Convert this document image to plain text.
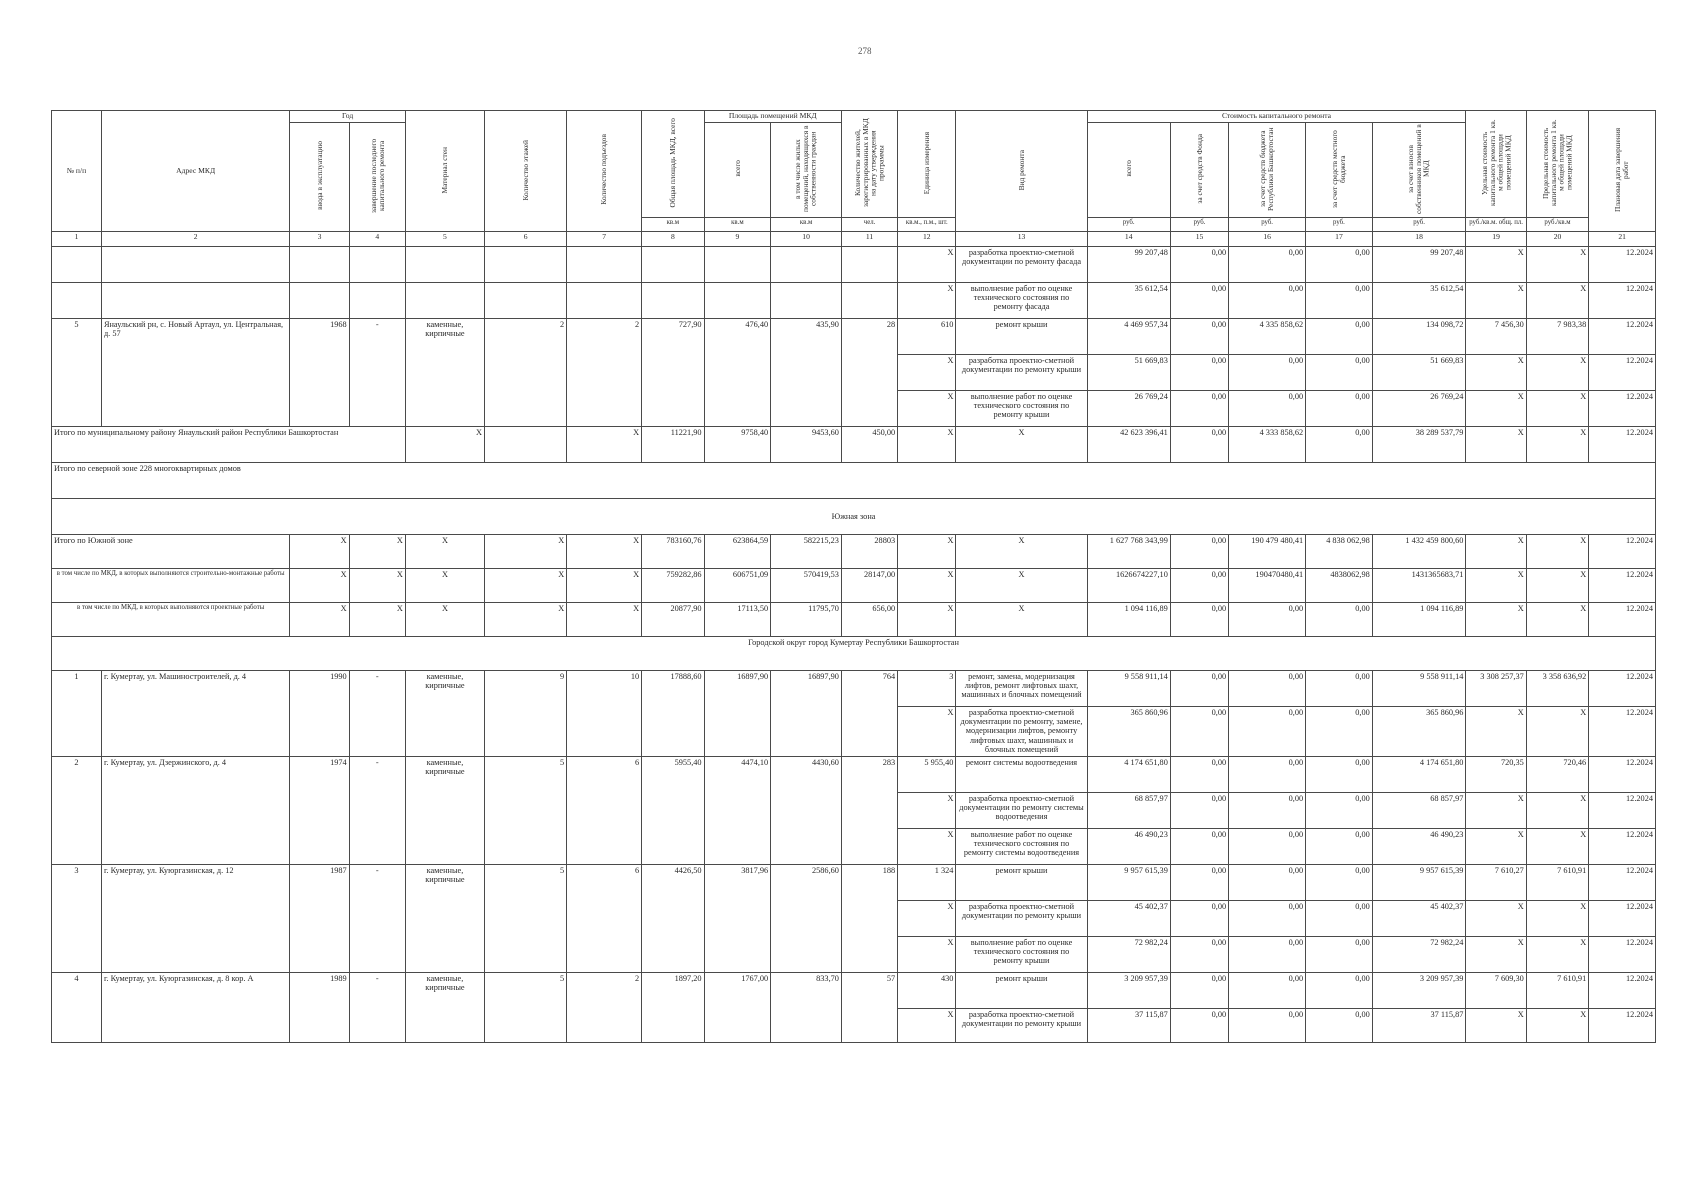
278
№ п/п	Адрес МКД	Год		Материал стен	Количество этажей	Количество подъездов	Общая площадь МКД, всего	Площадь помещений МКД		Количество жителей, зарегистрированных в МКД на дату утверждения программы	Единица измерения	Вид ремонта	Стоимость капитального ремонта					Удельная стоимость капитального ремонта 1 кв. м общей площади помещений МКД	Предельная стоимость капитального ремонта 1 кв. м общей площади помещений МКД	Плановая дата завершения работ
		ввода в эксплуатацию	завершение последнего капитального ремонта					всего	в том числе жилых помещений, находящихся в собственности граждан				всего	за счет средств Фонда	за счет средств бюджета Республики Башкортостан	за счет средств местного бюджета	за счет взносов собственников помещений в МКД			
							кв.м	кв.м	кв.м	чел.	кв.м., п.м., шт.		руб.	руб.	руб.	руб.	руб.	руб./кв.м. общ. пл.	руб./кв.м	
1	2	3	4	5	6	7	8	9	10	11	12	13	14	15	16	17	18	19	20	21
											X	разработка проектно-сметной документации по ремонту фасада	99 207,48	0,00	0,00	0,00	99 207,48	X	X	12.2024
											X	выполнение работ по оценке технического состояния по ремонту фасада	35 612,54	0,00	0,00	0,00	35 612,54	X	X	12.2024
5	Янаульский рн, с. Новый Артаул, ул. Центральная, д. 57	1968	-	каменные, кирпичные	2	2	727,90	476,40	435,90	28	610	ремонт крыши	4 469 957,34	0,00	4 335 858,62	0,00	134 098,72	7 456,30	7 983,38	12.2024
											X	разработка проектно-сметной документации по ремонту крыши	51 669,83	0,00	0,00	0,00	51 669,83	X	X	12.2024
											X	выполнение работ по оценке технического состояния по ремонту крыши	26 769,24	0,00	0,00	0,00	26 769,24	X	X	12.2024
Итого по муниципальному району Янаульский район Республики Башкортостан				X		X	11221,90	9758,40	9453,60	450,00	X	X	42 623 396,41	0,00	4 333 858,62	0,00	38 289 537,79	X	X	12.2024
Итого по северной зоне 228 многоквартирных домов																				
Южная зона																				
Итого по Южной зоне		X	X	X	X	X	783160,76	623864,59	582215,23	28803	X	X	1 627 768 343,99	0,00	190 479 480,41	4 838 062,98	1 432 459 800,60	X	X	12.2024
в том числе по МКД, в которых выполняются строительно-монтажные работы		X	X	X	X	X	759282,86	606751,09	570419,53	28147,00	X	X	1626674227,10	0,00	190470480,41	4838062,98	1431365683,71	X	X	12.2024
в том числе по МКД, в которых выполняются проектные работы		X	X	X	X	X	20877,90	17113,50	11795,70	656,00	X	X	1 094 116,89	0,00	0,00	0,00	1 094 116,89	X	X	12.2024
Городской округ город Кумертау Республики Башкортостан																				
1	г. Кумертау, ул. Машиностроителей, д. 4	1990	-	каменные, кирпичные	9	10	17888,60	16897,90	16897,90	764	3	ремонт, замена, модернизация лифтов, ремонт лифтовых шахт, машинных и блочных помещений	9 558 911,14	0,00	0,00	0,00	9 558 911,14	3 308 257,37	3 358 636,92	12.2024
											X	разработка проектно-сметной документации по ремонту, замене, модернизации лифтов, ремонту лифтовых шахт, машинных и блочных помещений	365 860,96	0,00	0,00	0,00	365 860,96	X	X	12.2024
2	г. Кумертау, ул. Дзержинского, д. 4	1974	-	каменные, кирпичные	5	6	5955,40	4474,10	4430,60	283	5 955,40	ремонт системы водоотведения	4 174 651,80	0,00	0,00	0,00	4 174 651,80	720,35	720,46	12.2024
											X	разработка проектно-сметной документации по ремонту системы водоотведения	68 857,97	0,00	0,00	0,00	68 857,97	X	X	12.2024
											X	выполнение работ по оценке технического состояния по ремонту системы водоотведения	46 490,23	0,00	0,00	0,00	46 490,23	X	X	12.2024
3	г. Кумертау, ул. Куюргазинская, д. 12	1987	-	каменные, кирпичные	5	6	4426,50	3817,96	2586,60	188	1 324	ремонт крыши	9 957 615,39	0,00	0,00	0,00	9 957 615,39	7 610,27	7 610,91	12.2024
											X	разработка проектно-сметной документации по ремонту крыши	45 402,37	0,00	0,00	0,00	45 402,37	X	X	12.2024
											X	выполнение работ по оценке технического состояния по ремонту крыши	72 982,24	0,00	0,00	0,00	72 982,24	X	X	12.2024
4	г. Кумертау, ул. Куюргазинская, д. 8 кор. А	1989	-	каменные, кирпичные	5	2	1897,20	1767,00	833,70	57	430	ремонт крыши	3 209 957,39	0,00	0,00	0,00	3 209 957,39	7 609,30	7 610,91	12.2024
											X	разработка проектно-сметной документации по ремонту крыши	37 115,87	0,00	0,00	0,00	37 115,87	X	X	12.2024
